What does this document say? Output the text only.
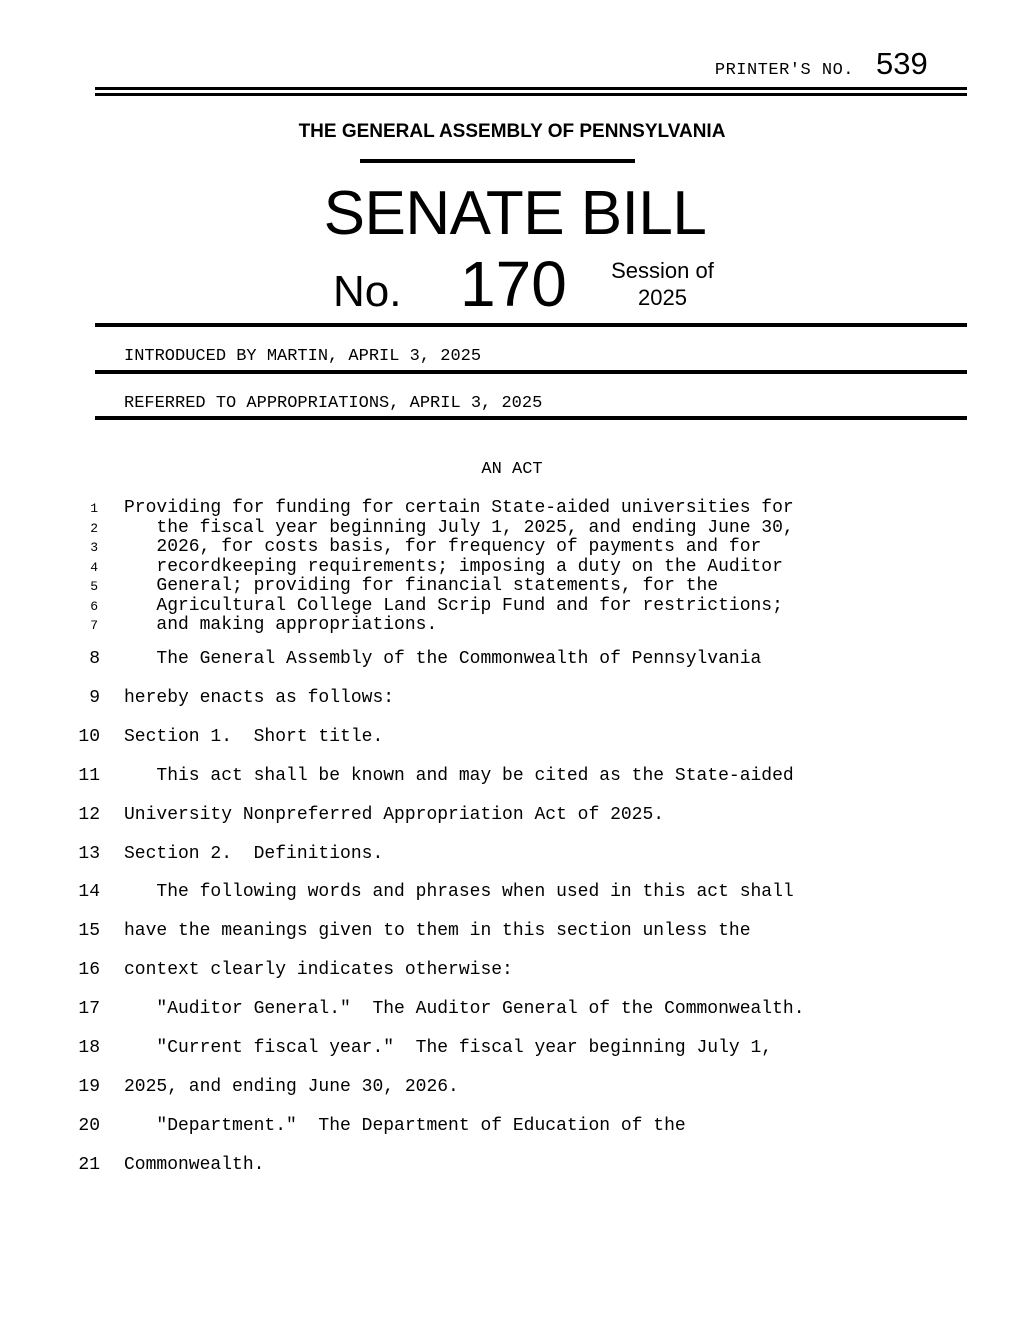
PRINTER'S NO. 539
THE GENERAL ASSEMBLY OF PENNSYLVANIA
SENATE BILL
No. 170	Session of
2025
INTRODUCED BY MARTIN, APRIL 3, 2025
REFERRED TO APPROPRIATIONS, APRIL 3, 2025
AN ACT
1 Providing for funding for certain State-aided universities for
2 the fiscal year beginning July 1, 2025, and ending June 30,
3 2026, for costs basis, for frequency of payments and for
4 recordkeeping requirements; imposing a duty on the Auditor
5 General; providing for financial statements, for the
6 Agricultural College Land Scrip Fund and for restrictions;
7 and making appropriations.
8 The General Assembly of the Commonwealth of Pennsylvania
9 hereby enacts as follows:
10 Section 1.  Short title.
11 This act shall be known and may be cited as the State-aided
12 University Nonpreferred Appropriation Act of 2025.
13 Section 2.  Definitions.
14 The following words and phrases when used in this act shall
15 have the meanings given to them in this section unless the
16 context clearly indicates otherwise:
17 "Auditor General."  The Auditor General of the Commonwealth.
18 "Current fiscal year."  The fiscal year beginning July 1,
19 2025, and ending June 30, 2026.
20 "Department."  The Department of Education of the
21 Commonwealth.
